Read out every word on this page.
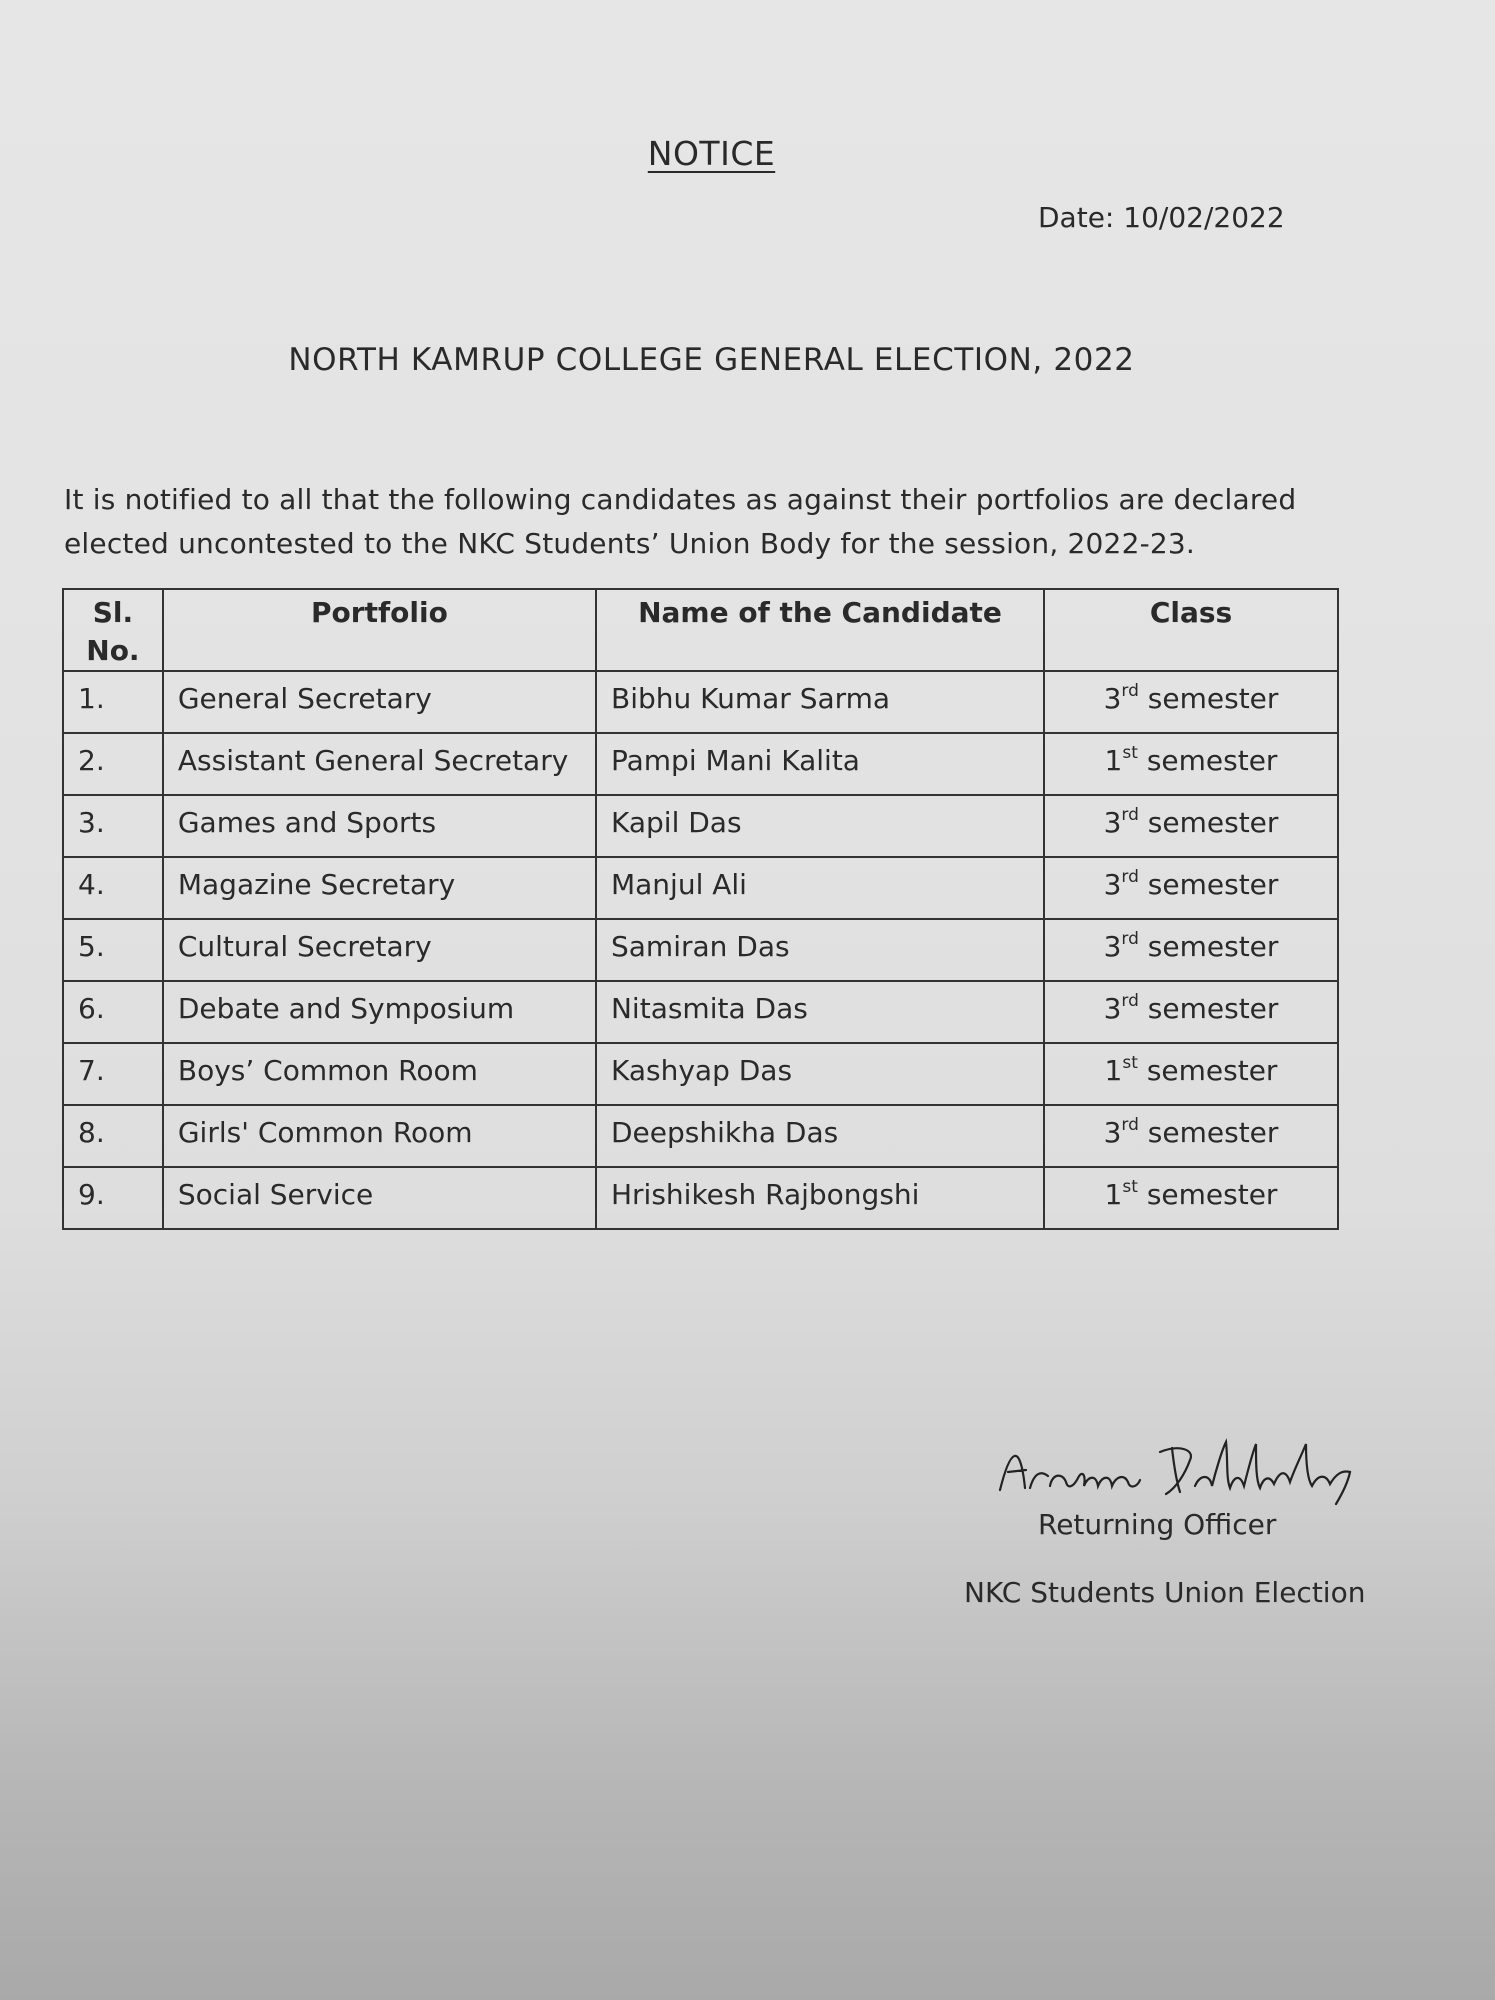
NOTICE
Date: 10/02/2022
NORTH KAMRUP COLLEGE GENERAL ELECTION, 2022
It is notified to all that the following candidates as against their portfolios are declared elected uncontested to the NKC Students’ Union Body for the session, 2022-23.
Sl. No.	Portfolio	Name of the Candidate	Class
1.	General Secretary	Bibhu Kumar Sarma	3rd semester
2.	Assistant General Secretary	Pampi Mani Kalita	1st semester
3.	Games and Sports	Kapil Das	3rd semester
4.	Magazine Secretary	Manjul Ali	3rd semester
5.	Cultural Secretary	Samiran Das	3rd semester
6.	Debate and Symposium	Nitasmita Das	3rd semester
7.	Boys’ Common Room	Kashyap Das	1st semester
8.	Girls' Common Room	Deepshikha Das	3rd semester
9.	Social Service	Hrishikesh Rajbongshi	1st semester
Returning Officer
NKC Students Union Election
